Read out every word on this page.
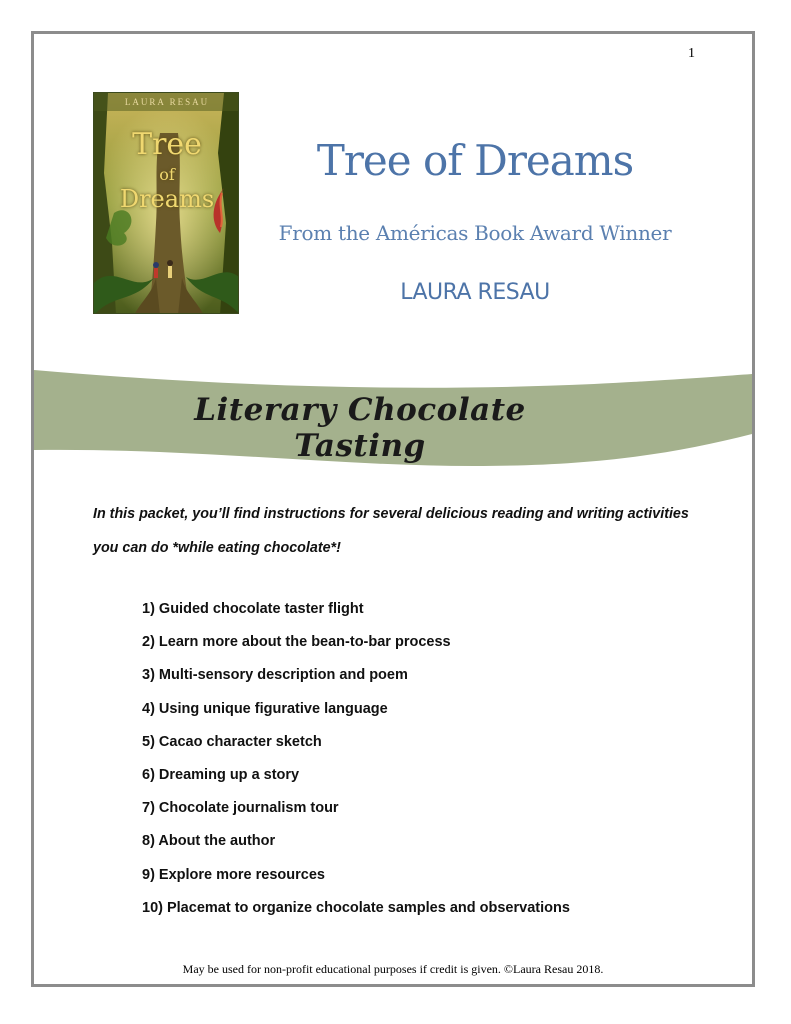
1
LAURA RESAU
Tree
of
Dreams
Tree of Dreams
From the Américas Book Award Winner
LAURA RESAU
Literary Chocolate Tasting
In this packet, you’ll find instructions for several delicious reading and writing activities you can do *while eating chocolate*!
1) Guided chocolate taster flight
2) Learn more about the bean-to-bar process
3) Multi-sensory description and poem
4) Using unique figurative language
5) Cacao character sketch
6) Dreaming up a story
7) Chocolate journalism tour
8) About the author
9) Explore more resources
10) Placemat to organize chocolate samples and observations
May be used for non-profit educational purposes if credit is given. ©Laura Resau 2018.
